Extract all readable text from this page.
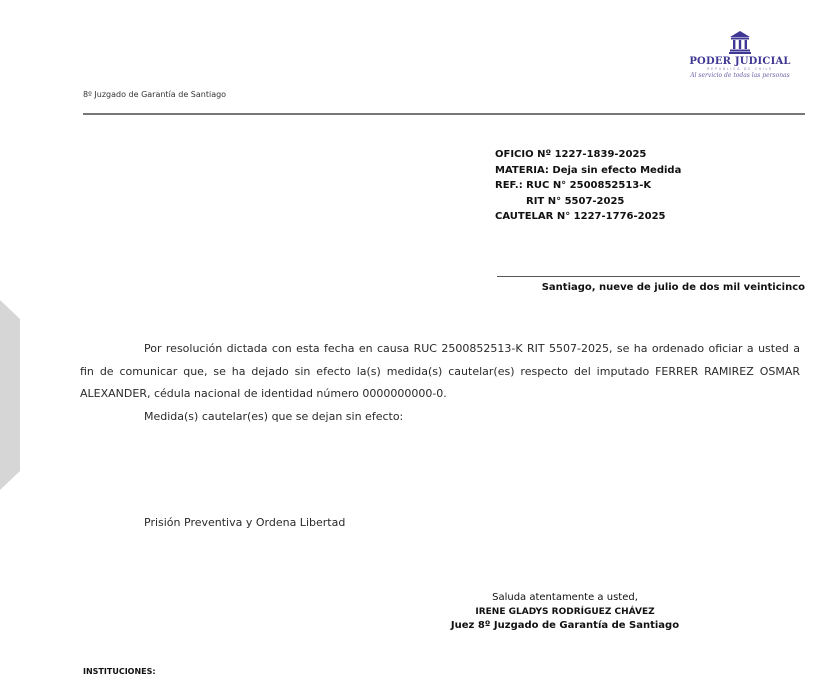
8º Juzgado de Garantía de Santiago
PODER JUDICIAL
REPÚBLICA DE CHILE
Al servicio de todas las personas
OFICIO Nº 1227-1839-2025
MATERIA: Deja sin efecto Medida
REF.: RUC N° 2500852513-K
RIT N° 5507-2025
CAUTELAR N° 1227-1776-2025
Santiago, nueve de julio de dos mil veinticinco

Por resolución dictada con esta fecha en causa RUC 2500852513-K RIT 5507-2025, se ha ordenado oficiar a usted a fin de comunicar que, se ha dejado sin efecto la(s) medida(s) cautelar(es) respecto del imputado FERRER RAMIREZ OSMAR ALEXANDER, cédula nacional de identidad número 0000000000-0.

Medida(s) cautelar(es) que se dejan sin efecto:

Prisión Preventiva y Ordena Libertad
Saluda atentamente a usted,
IRENE GLADYS RODRÍGUEZ CHÁVEZ
Juez 8º Juzgado de Garantía de Santiago
INSTITUCIONES:
